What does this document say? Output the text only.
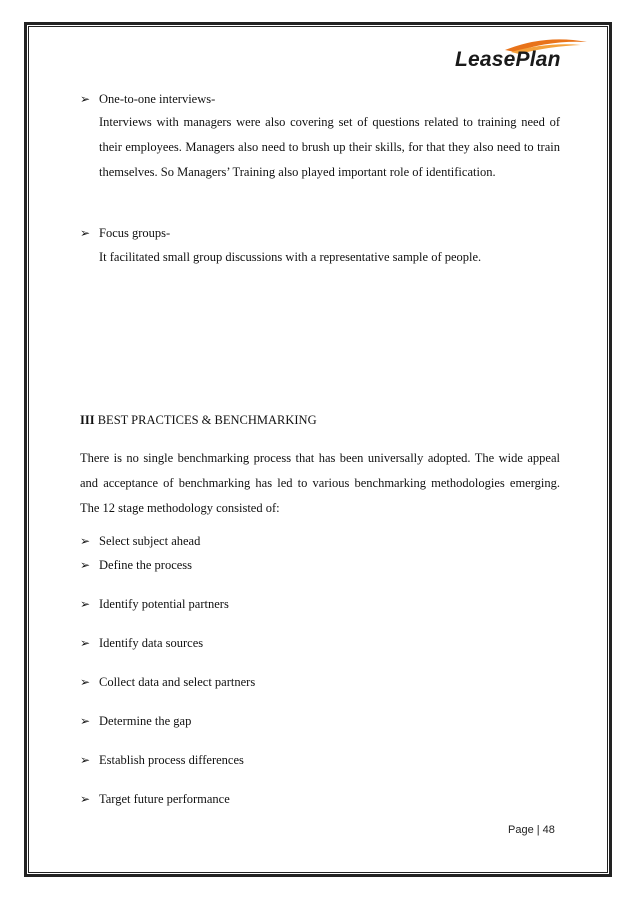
LeasePlan
➢ One-to-one interviews-
Interviews with managers were also covering set of questions related to training need of their employees. Managers also need to brush up their skills, for that they also need to train themselves. So Managers’ Training also played important role of identification.
➢ Focus groups-
It facilitated small group discussions with a representative sample of people.
III BEST PRACTICES & BENCHMARKING
There is no single benchmarking process that has been universally adopted. The wide appeal and acceptance of benchmarking has led to various benchmarking methodologies emerging. The 12 stage methodology consisted of:
➢ Select subject ahead
➢ Define the process
➢ Identify potential partners
➢ Identify data sources
➢ Collect data and select partners
➢ Determine the gap
➢ Establish process differences
➢ Target future performance
Page | 48
